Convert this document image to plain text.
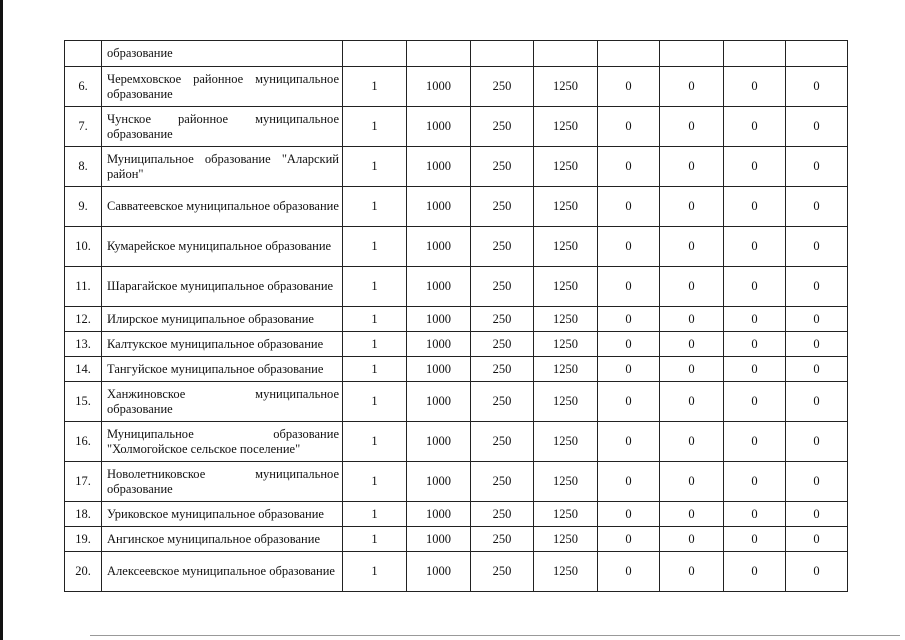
	образование								
6.	Черемховское районное муниципальное образование	1	1000	250	1250	0	0	0	0
7.	Чунское районное муниципальное образование	1	1000	250	1250	0	0	0	0
8.	Муниципальное образование "Аларский район"	1	1000	250	1250	0	0	0	0
9.	Савватеевское муниципальное образование	1	1000	250	1250	0	0	0	0
10.	Кумарейское муниципальное образование	1	1000	250	1250	0	0	0	0
11.	Шарагайское муниципальное образование	1	1000	250	1250	0	0	0	0
12.	Илирское муниципальное образование	1	1000	250	1250	0	0	0	0
13.	Калтукское муниципальное образование	1	1000	250	1250	0	0	0	0
14.	Тангуйское муниципальное образование	1	1000	250	1250	0	0	0	0
15.	Ханжиновское муниципальное образование	1	1000	250	1250	0	0	0	0
16.	Муниципальное образование "Холмогойское сельское поселение"	1	1000	250	1250	0	0	0	0
17.	Новолетниковское муниципальное образование	1	1000	250	1250	0	0	0	0
18.	Уриковское муниципальное образование	1	1000	250	1250	0	0	0	0
19.	Ангинское муниципальное образование	1	1000	250	1250	0	0	0	0
20.	Алексеевское муниципальное образование	1	1000	250	1250	0	0	0	0
